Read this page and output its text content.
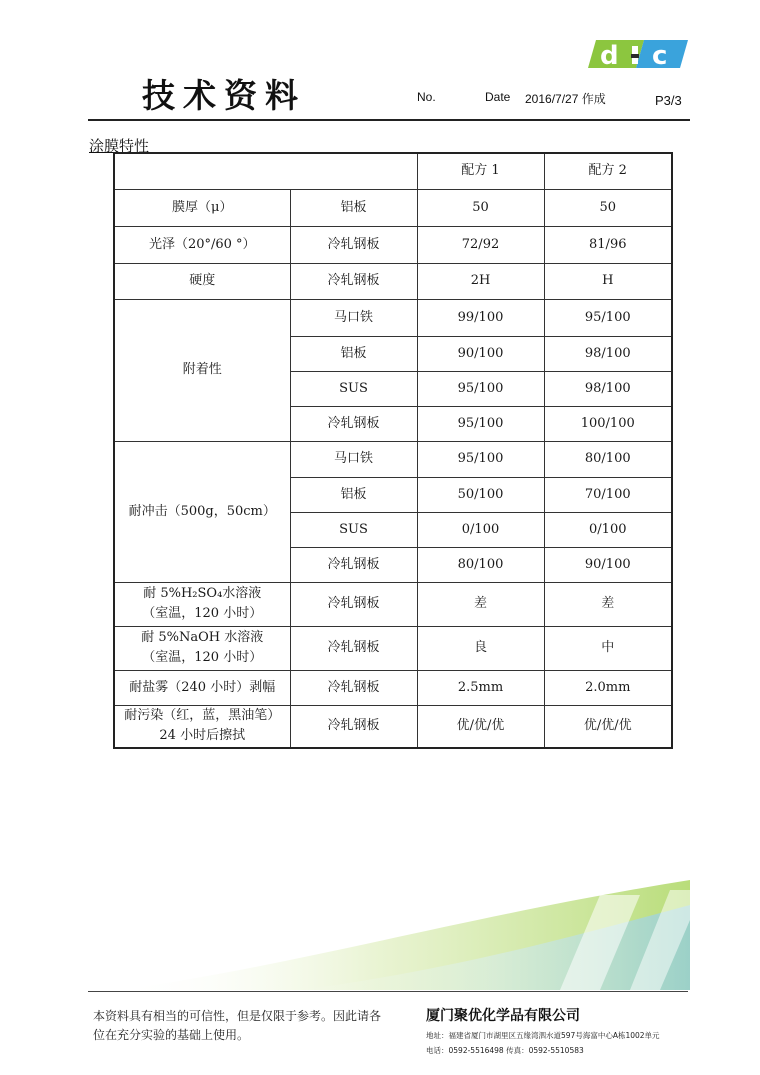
技术资料	No.	Date 2016/7/27 作成	P3/3
d c
涂膜特性
		配方 1	配方 2
膜厚（μ）	铝板	50	50
光泽（20°/60 °）	冷轧钢板	72/92	81/96
硬度	冷轧钢板	2H	H
附着性	马口铁	99/100	95/100
	铝板	90/100	98/100
	SUS	95/100	98/100
	冷轧钢板	95/100	100/100
耐冲击（500g，50cm）	马口铁	95/100	80/100
	铝板	50/100	70/100
	SUS	0/100	0/100
	冷轧钢板	80/100	90/100

耐 5%H₂SO₄水溶液
（室温，120 小时）	冷轧钢板	差	差

耐 5%NaOH 水溶液
（室温，120 小时）	冷轧钢板	良	中
耐盐雾（240 小时）剥幅	冷轧钢板	2.5mm	2.0mm

耐污染（红，蓝，黑油笔）
24 小时后擦拭	冷轧钢板	优/优/优	优/优/优
本资料具有相当的可信性，但是仅限于参考。因此请各
位在充分实验的基础上使用。
厦门聚优化学品有限公司
地址：福建省厦门市湖里区五缘湾泗水道597号海富中心A栋1002单元
电话：0592-5516498 传真：0592-5510583
